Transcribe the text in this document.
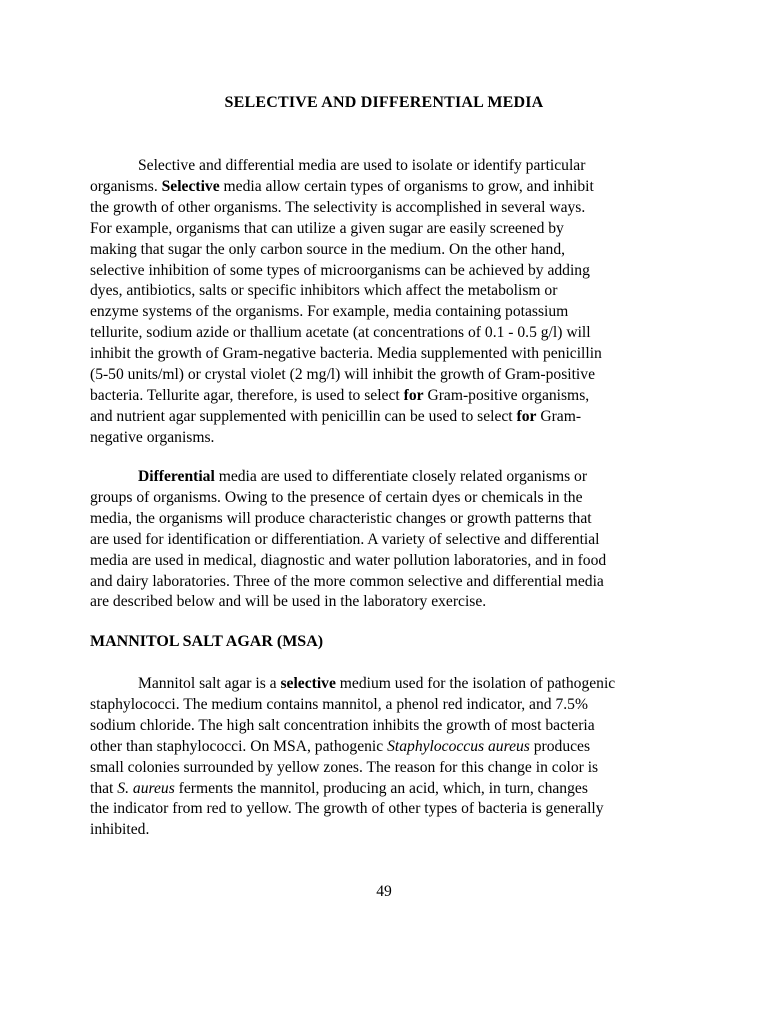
SELECTIVE AND DIFFERENTIAL MEDIA
Selective and differential media are used to isolate or identify particular
organisms. Selective media allow certain types of organisms to grow, and inhibit
the growth of other organisms. The selectivity is accomplished in several ways.
For example, organisms that can utilize a given sugar are easily screened by
making that sugar the only carbon source in the medium. On the other hand,
selective inhibition of some types of microorganisms can be achieved by adding
dyes, antibiotics, salts or specific inhibitors which affect the metabolism or
enzyme systems of the organisms. For example, media containing potassium
tellurite, sodium azide or thallium acetate (at concentrations of 0.1 - 0.5 g/l) will
inhibit the growth of Gram-negative bacteria. Media supplemented with penicillin
(5-50 units/ml) or crystal violet (2 mg/l) will inhibit the growth of Gram-positive
bacteria. Tellurite agar, therefore, is used to select for Gram-positive organisms,
and nutrient agar supplemented with penicillin can be used to select for Gram-
negative organisms.
Differential media are used to differentiate closely related organisms or
groups of organisms. Owing to the presence of certain dyes or chemicals in the
media, the organisms will produce characteristic changes or growth patterns that
are used for identification or differentiation. A variety of selective and differential
media are used in medical, diagnostic and water pollution laboratories, and in food
and dairy laboratories. Three of the more common selective and differential media
are described below and will be used in the laboratory exercise.
MANNITOL SALT AGAR (MSA)
Mannitol salt agar is a selective medium used for the isolation of pathogenic
staphylococci. The medium contains mannitol, a phenol red indicator, and 7.5%
sodium chloride. The high salt concentration inhibits the growth of most bacteria
other than staphylococci. On MSA, pathogenic Staphylococcus aureus produces
small colonies surrounded by yellow zones. The reason for this change in color is
that S. aureus ferments the mannitol, producing an acid, which, in turn, changes
the indicator from red to yellow. The growth of other types of bacteria is generally
inhibited.
49
